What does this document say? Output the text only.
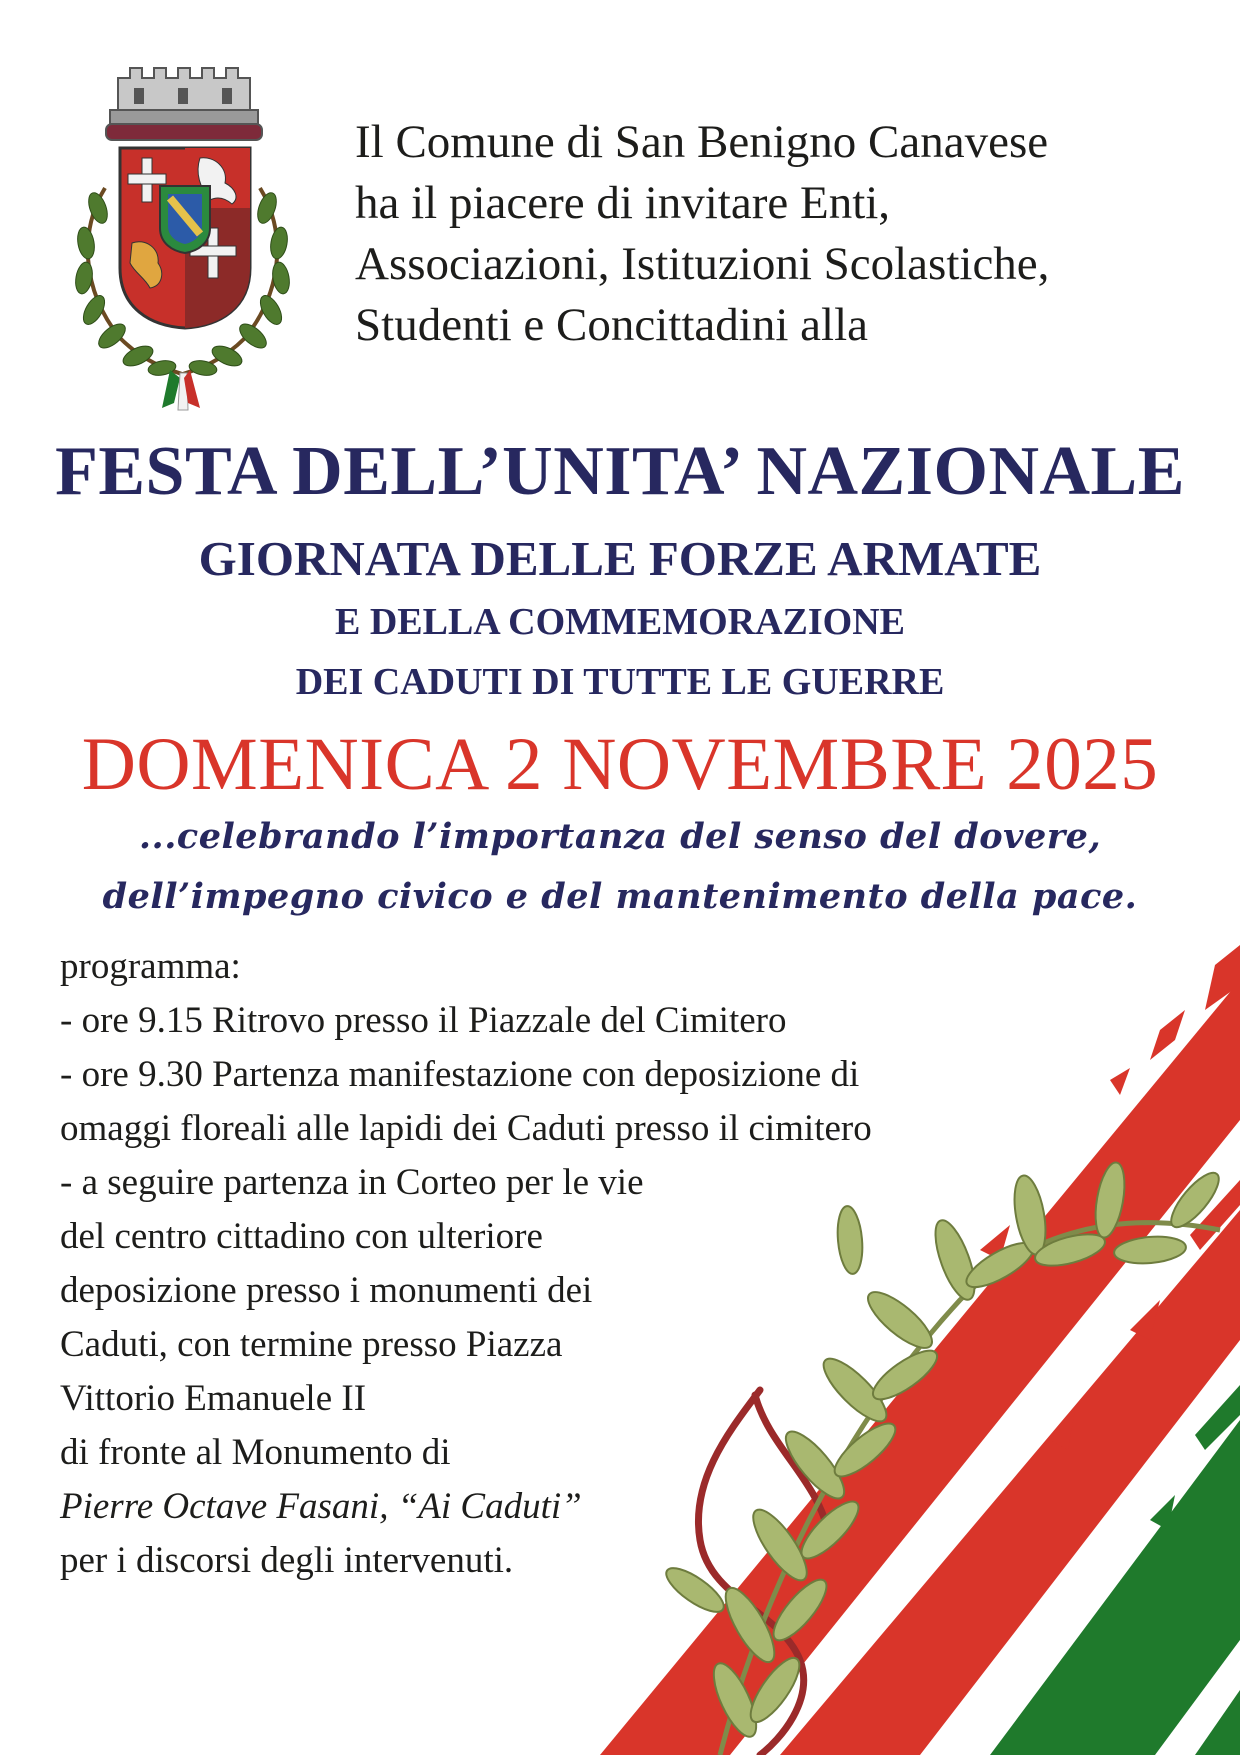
Il Comune di San Benigno Canavese
ha il piacere di invitare Enti,
Associazioni, Istituzioni Scolastiche,
Studenti e Concittadini alla
FESTA DELL’UNITA’ NAZIONALE
GIORNATA DELLE FORZE ARMATE
E DELLA COMMEMORAZIONE
DEI CADUTI DI TUTTE LE GUERRE
DOMENICA 2 NOVEMBRE 2025
...celebrando l’importanza del senso del dovere,
dell’impegno civico e del mantenimento della pace.
programma:
- ore 9.15 Ritrovo presso il Piazzale del Cimitero
- ore 9.30 Partenza manifestazione con deposizione di
omaggi floreali alle lapidi dei Caduti presso il cimitero
- a seguire partenza in Corteo per le vie
del centro cittadino con ulteriore
deposizione presso i monumenti dei
Caduti, con termine presso Piazza
Vittorio Emanuele II
di fronte al Monumento di
Pierre Octave Fasani, “Ai Caduti”
per i discorsi degli intervenuti.
